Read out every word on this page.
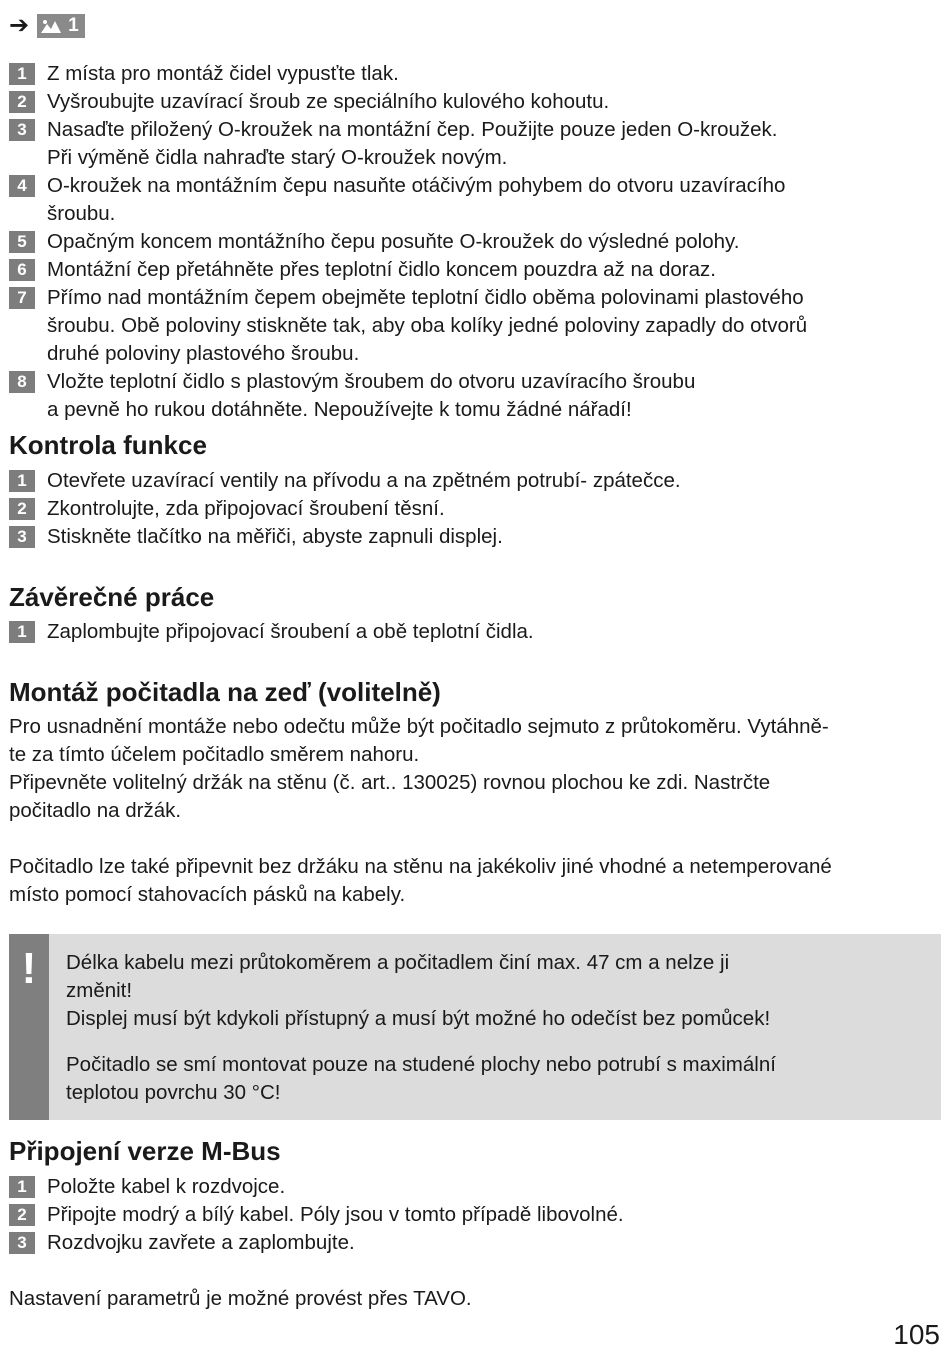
➔ 1
1 Z místa pro montáž čidel vypusťte tlak.
2 Vyšroubujte uzavírací šroub ze speciálního kulového kohoutu.
3 Nasaďte přiložený O-kroužek na montážní čep. Použijte pouze jeden O-kroužek.
Při výměně čidla nahraďte starý O-kroužek novým.
4 O-kroužek na montážním čepu nasuňte otáčivým pohybem do otvoru uzavíracího
šroubu.
5 Opačným koncem montážního čepu posuňte O-kroužek do výsledné polohy.
6 Montážní čep přetáhněte přes teplotní čidlo koncem pouzdra až na doraz.
7 Přímo nad montážním čepem obejměte teplotní čidlo oběma polovinami plastového
šroubu. Obě poloviny stiskněte tak, aby oba kolíky jedné poloviny zapadly do otvorů
druhé poloviny plastového šroubu.
8 Vložte teplotní čidlo s plastovým šroubem do otvoru uzavíracího šroubu
a pevně ho rukou dotáhněte. Nepoužívejte k tomu žádné nářadí!
Kontrola funkce
1 Otevřete uzavírací ventily na přívodu a na zpětném potrubí- zpátečce.
2 Zkontrolujte, zda připojovací šroubení těsní.
3 Stiskněte tlačítko na měřiči, abyste zapnuli displej.
Závěrečné práce
1 Zaplombujte připojovací šroubení a obě teplotní čidla.
Montáž počitadla na zeď (volitelně)

Pro usnadnění montáže nebo odečtu může být počitadlo sejmuto z průtokoměru. Vytáhně-
te za tímto účelem počitadlo směrem nahoru.

Připevněte volitelný držák na stěnu (č. art.. 130025) rovnou plochou ke zdi. Nastrčte
počitadlo na držák.

Počitadlo lze také připevnit bez držáku na stěnu na jakékoliv jiné vhodné a netemperované
místo pomocí stahovacích pásků na kabely.

!	Délka kabelu mezi průtokoměrem a počitadlem činí max. 47 cm a nelze ji
změnit!
Displej musí být kdykoli přístupný a musí být možné ho odečíst bez pomůcek!

Počitadlo se smí montovat pouze na studené plochy nebo potrubí s maximální
teplotou povrchu 30 °C!

Připojení verze M-Bus
1 Položte kabel k rozdvojce.
2 Připojte modrý a bílý kabel. Póly jsou v tomto případě libovolné.
3 Rozdvojku zavřete a zaplombujte.

Nastavení parametrů je možné provést přes TAVO.

105
